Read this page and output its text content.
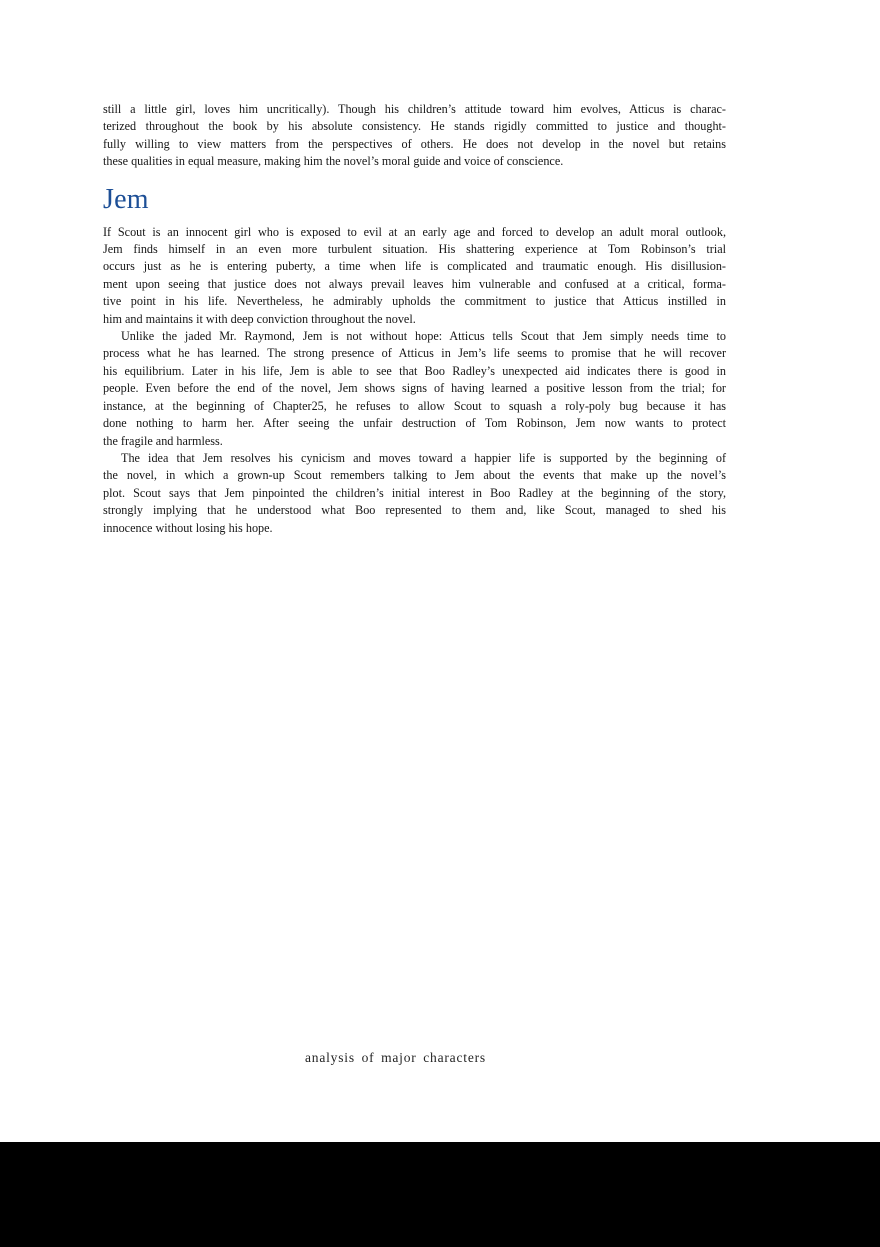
still a little girl, loves him uncritically). Though his children’s attitude toward him evolves, Atticus is charac-
terized throughout the book by his absolute consistency. He stands rigidly committed to justice and thought-
fully willing to view matters from the perspectives of others. He does not develop in the novel but retains
these qualities in equal measure, making him the novel’s moral guide and voice of conscience.
Jem
If Scout is an innocent girl who is exposed to evil at an early age and forced to develop an adult moral outlook,
Jem finds himself in an even more turbulent situation. His shattering experience at Tom Robinson’s trial
occurs just as he is entering puberty, a time when life is complicated and traumatic enough. His disillusion-
ment upon seeing that justice does not always prevail leaves him vulnerable and confused at a critical, forma-
tive point in his life. Nevertheless, he admirably upholds the commitment to justice that Atticus instilled in
him and maintains it with deep conviction throughout the novel.
Unlike the jaded Mr. Raymond, Jem is not without hope: Atticus tells Scout that Jem simply needs time to
process what he has learned. The strong presence of Atticus in Jem’s life seems to promise that he will recover
his equilibrium. Later in his life, Jem is able to see that Boo Radley’s unexpected aid indicates there is good in
people. Even before the end of the novel, Jem shows signs of having learned a positive lesson from the trial; for
instance, at the beginning of Chapter25, he refuses to allow Scout to squash a roly-poly bug because it has
done nothing to harm her. After seeing the unfair destruction of Tom Robinson, Jem now wants to protect
the fragile and harmless.
The idea that Jem resolves his cynicism and moves toward a happier life is supported by the beginning of
the novel, in which a grown-up Scout remembers talking to Jem about the events that make up the novel’s
plot. Scout says that Jem pinpointed the children’s initial interest in Boo Radley at the beginning of the story,
strongly implying that he understood what Boo represented to them and, like Scout, managed to shed his
innocence without losing his hope.
analysis of major characters
